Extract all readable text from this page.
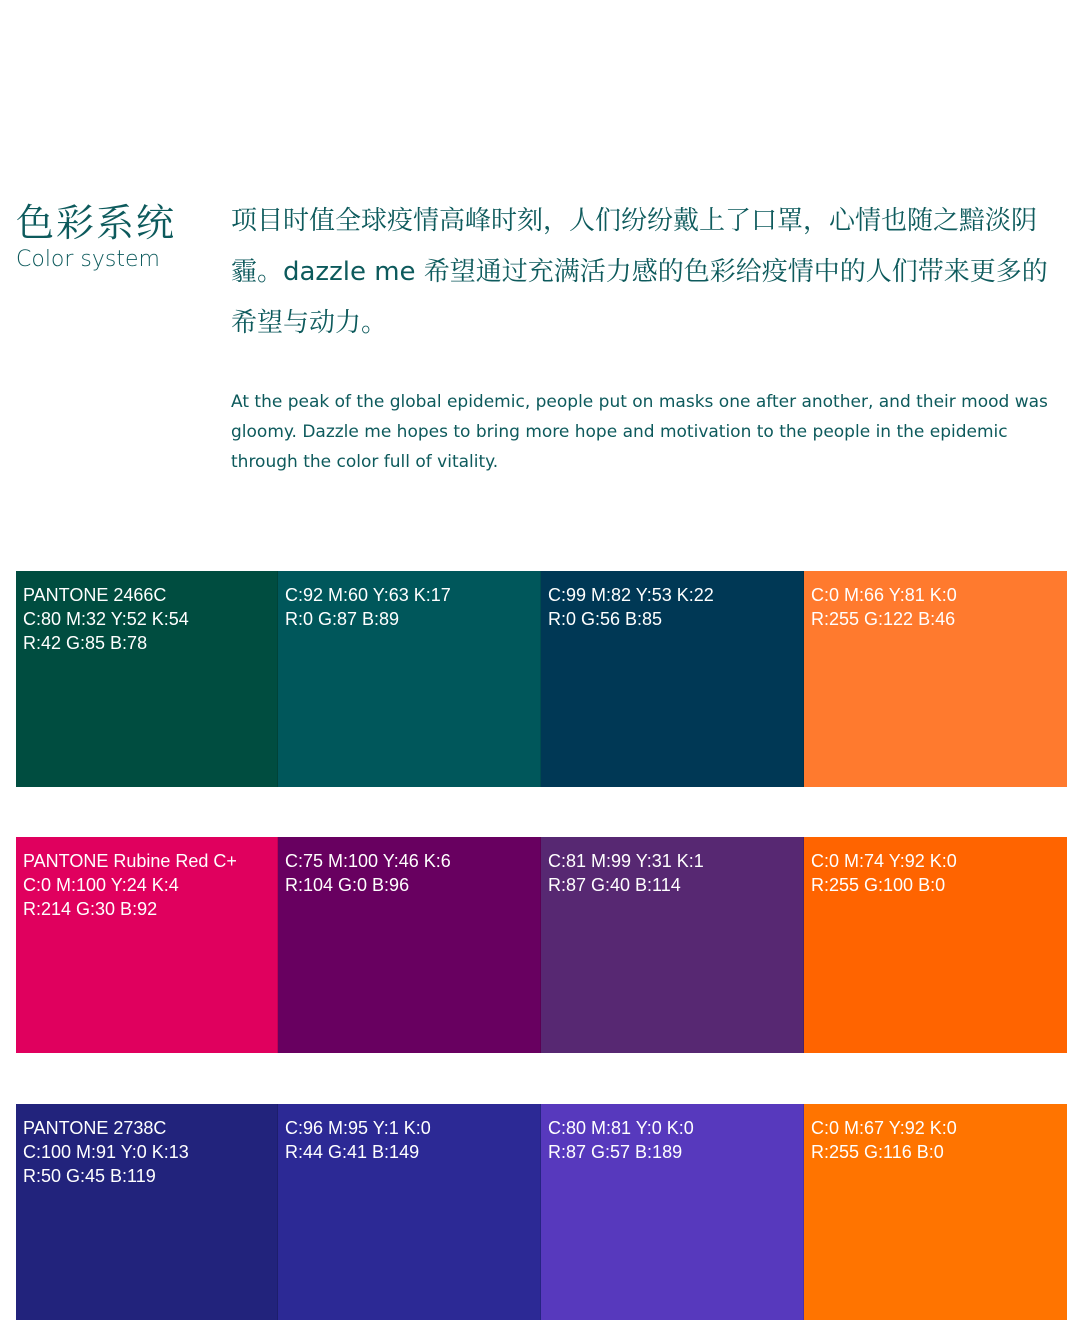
色彩系统
Color system
项目时值全球疫情高峰时刻，人们纷纷戴上了口罩，心情也随之黯淡阴霾。dazzle me 希望通过充满活力感的色彩给疫情中的人们带来更多的希望与动力。
At the peak of the global epidemic, people put on masks one after another, and their mood was gloomy. Dazzle me hopes to bring more hope and motivation to the people in the epidemic through the color full of vitality.
PANTONE 2466C
C:80 M:32 Y:52 K:54
R:42 G:85 B:78
C:92 M:60 Y:63 K:17
R:0 G:87 B:89
C:99 M:82 Y:53 K:22
R:0 G:56 B:85
C:0 M:66 Y:81 K:0
R:255 G:122 B:46
PANTONE Rubine Red C+
C:0 M:100 Y:24 K:4
R:214 G:30 B:92
C:75 M:100 Y:46 K:6
R:104 G:0 B:96
C:81 M:99 Y:31 K:1
R:87 G:40 B:114
C:0 M:74 Y:92 K:0
R:255 G:100 B:0
PANTONE 2738C
C:100 M:91 Y:0 K:13
R:50 G:45 B:119
C:96 M:95 Y:1 K:0
R:44 G:41 B:149
C:80 M:81 Y:0 K:0
R:87 G:57 B:189
C:0 M:67 Y:92 K:0
R:255 G:116 B:0
